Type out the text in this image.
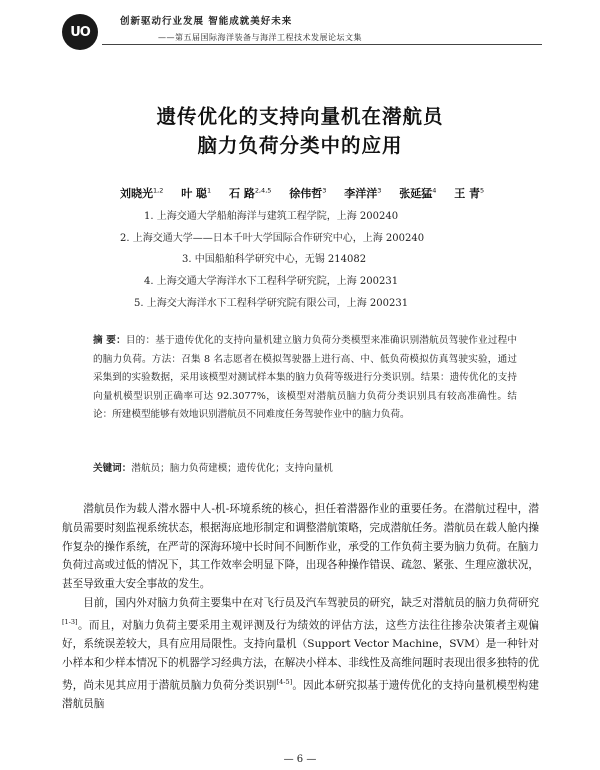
UO
创新驱动行业发展 智能成就美好未来
——第五届国际海洋装备与海洋工程技术发展论坛文集
遗传优化的支持向量机在潜航员
脑力负荷分类中的应用
刘晓光$^{1,2}$ 叶 聪$^1$ 石 路$^{2,4,5}$ 徐伟哲$^3$ 李洋洋$^3$ 张延猛$^4$ 王 青$^5$
1. 上海交通大学船舶海洋与建筑工程学院，上海 200240
2. 上海交通大学——日本千叶大学国际合作研究中心，上海 200240
3. 中国船舶科学研究中心，无锡 214082
4. 上海交通大学海洋水下工程科学研究院，上海 200231
5. 上海交大海洋水下工程科学研究院有限公司，上海 200231
摘 要：目的：基于遗传优化的支持向量机建立脑力负荷分类模型来准确识别潜航员驾驶作业过程中的脑力负荷。方法：召集 8 名志愿者在模拟驾驶器上进行高、中、低负荷模拟仿真驾驶实验，通过采集到的实验数据，采用该模型对测试样本集的脑力负荷等级进行分类识别。结果：遗传优化的支持向量机模型识别正确率可达 92.3077%，该模型对潜航员脑力负荷分类识别具有较高准确性。结论：所建模型能够有效地识别潜航员不同难度任务驾驶作业中的脑力负荷。
关键词：潜航员；脑力负荷建模；遗传优化；支持向量机

潜航员作为载人潜水器中人-机-环境系统的核心，担任着潜器作业的重要任务。在潜航过程中，潜航员需要时刻监视系统状态，根据海底地形制定和调整潜航策略，完成潜航任务。潜航员在载人舱内操作复杂的操作系统，在严苛的深海环境中长时间不间断作业，承受的工作负荷主要为脑力负荷。在脑力负荷过高或过低的情况下，其工作效率会明显下降，出现各种操作错误、疏忽、紧张、生理应激状况，甚至导致重大安全事故的发生。

目前，国内外对脑力负荷主要集中在对飞行员及汽车驾驶员的研究，缺乏对潜航员的脑力负荷研究[1-3]。而且，对脑力负荷主要采用主观评测及行为绩效的评估方法，这些方法往往掺杂决策者主观偏好，系统误差较大，具有应用局限性。支持向量机（Support Vector Machine，SVM）是一种针对小样本和少样本情况下的机器学习经典方法，在解决小样本、非线性及高维问题时表现出很多独特的优势，尚未见其应用于潜航员脑力负荷分类识别[4-5]。因此本研究拟基于遗传优化的支持向量机模型构建潜航员脑

— 6 —
